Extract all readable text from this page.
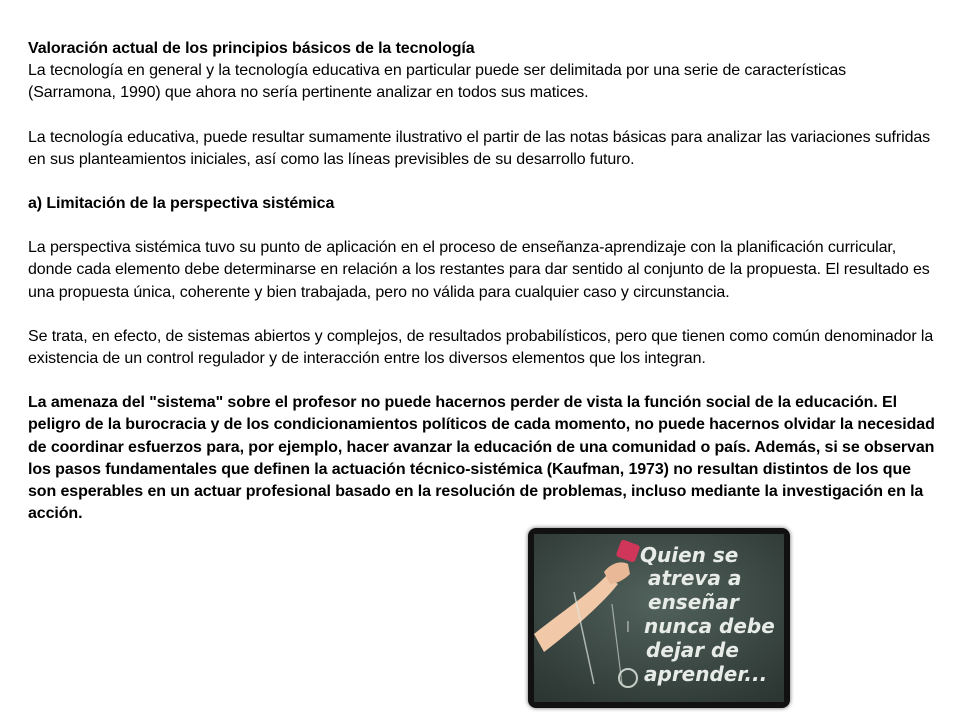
Valoración actual de los principios básicos de la tecnología

La tecnología en general y la tecnología educativa en particular puede ser delimitada por una serie de características (Sarramona, 1990) que ahora no sería pertinente analizar en todos sus matices.

La tecnología educativa, puede resultar sumamente ilustrativo el partir de las notas básicas para analizar las variaciones sufridas en sus planteamientos iniciales, así como las líneas previsibles de su desarrollo futuro.

a) Limitación de la perspectiva sistémica

La perspectiva sistémica tuvo su punto de aplicación en el proceso de enseñanza-aprendizaje con la planificación curricular, donde cada elemento debe determinarse en relación a los restantes para dar sentido al conjunto de la propuesta. El resultado es una propuesta única, coherente y bien trabajada, pero no válida para cualquier caso y circunstancia.

Se trata, en efecto, de sistemas abiertos y complejos, de resultados probabilísticos, pero que tienen como común denominador la existencia de un control regulador y de interacción entre los diversos elementos que los integran.

La amenaza del "sistema" sobre el profesor no puede hacernos perder de vista la función social de la educación. El peligro de la burocracia y de los condicionamientos políticos de cada momento, no puede hacernos olvidar la necesidad de coordinar esfuerzos para, por ejemplo, hacer avanzar la educación de una comunidad o país. Además, si se observan los pasos fundamentales que definen la actuación técnico-sistémica (Kaufman, 1973) no resultan distintos de los que son esperables en un actuar profesional basado en la resolución de problemas, incluso mediante la investigación en la acción.

l
Quien se
atreva a
enseñar
nunca debe
dejar de
aprender...
